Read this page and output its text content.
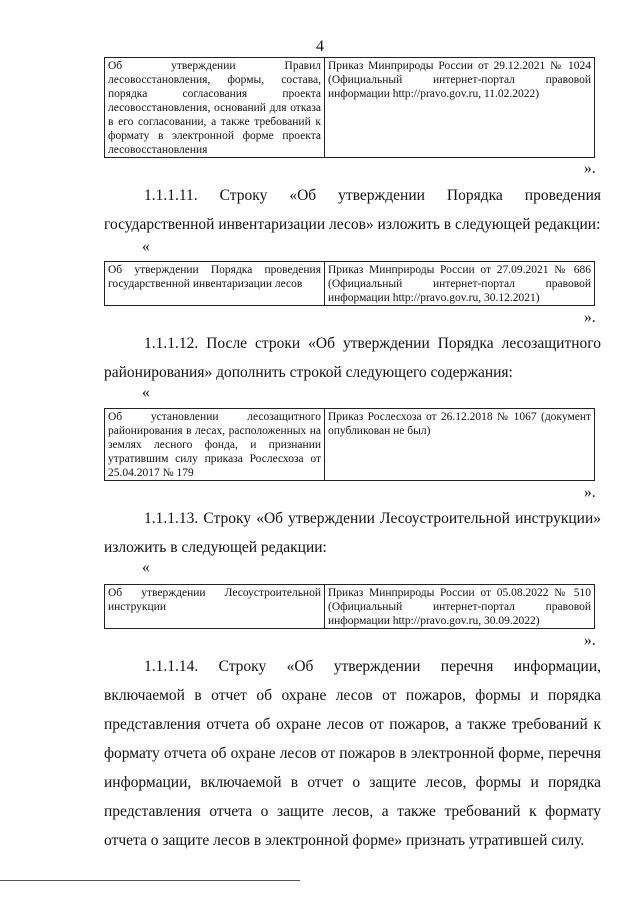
4
Об утверждении Правил лесовосстановления, формы, состава, порядка согласования проекта лесовосстановления, оснований для отказа в его согласовании, а также требований к формату в электронной форме проекта лесовосстановления	Приказ Минприроды России от 29.12.2021 № 1024 (Официальный интернет-портал правовой информации http://pravo.gov.ru, 11.02.2022)
».

1.1.1.11. Строку «Об утверждении Порядка проведения государственной инвентаризации лесов» изложить в следующей редакции:

«
Об утверждении Порядка проведения государственной инвентаризации лесов	Приказ Минприроды России от 27.09.2021 № 686 (Официальный интернет-портал правовой информации http://pravo.gov.ru, 30.12.2021)
».

1.1.1.12. После строки «Об утверждении Порядка лесозащитного районирования» дополнить строкой следующего содержания:

«
Об установлении лесозащитного районирования в лесах, расположенных на землях лесного фонда, и признании утратившим силу приказа Рослесхоза от 25.04.2017 № 179	Приказ Рослесхоза от 26.12.2018 № 1067 (документ опубликован не был)
».

1.1.1.13. Строку «Об утверждении Лесоустроительной инструкции» изложить в следующей редакции:

«
Об утверждении Лесоустроительной инструкции	Приказ Минприроды России от 05.08.2022 № 510 (Официальный интернет-портал правовой информации http://pravo.gov.ru, 30.09.2022)
».

1.1.1.14. Строку «Об утверждении перечня информации, включаемой в отчет об охране лесов от пожаров, формы и порядка представления отчета об охране лесов от пожаров, а также требований к формату отчета об охране лесов от пожаров в электронной форме, перечня информации, включаемой в отчет о защите лесов, формы и порядка представления отчета о защите лесов, а также требований к формату отчета о защите лесов в электронной форме» признать утратившей силу.
